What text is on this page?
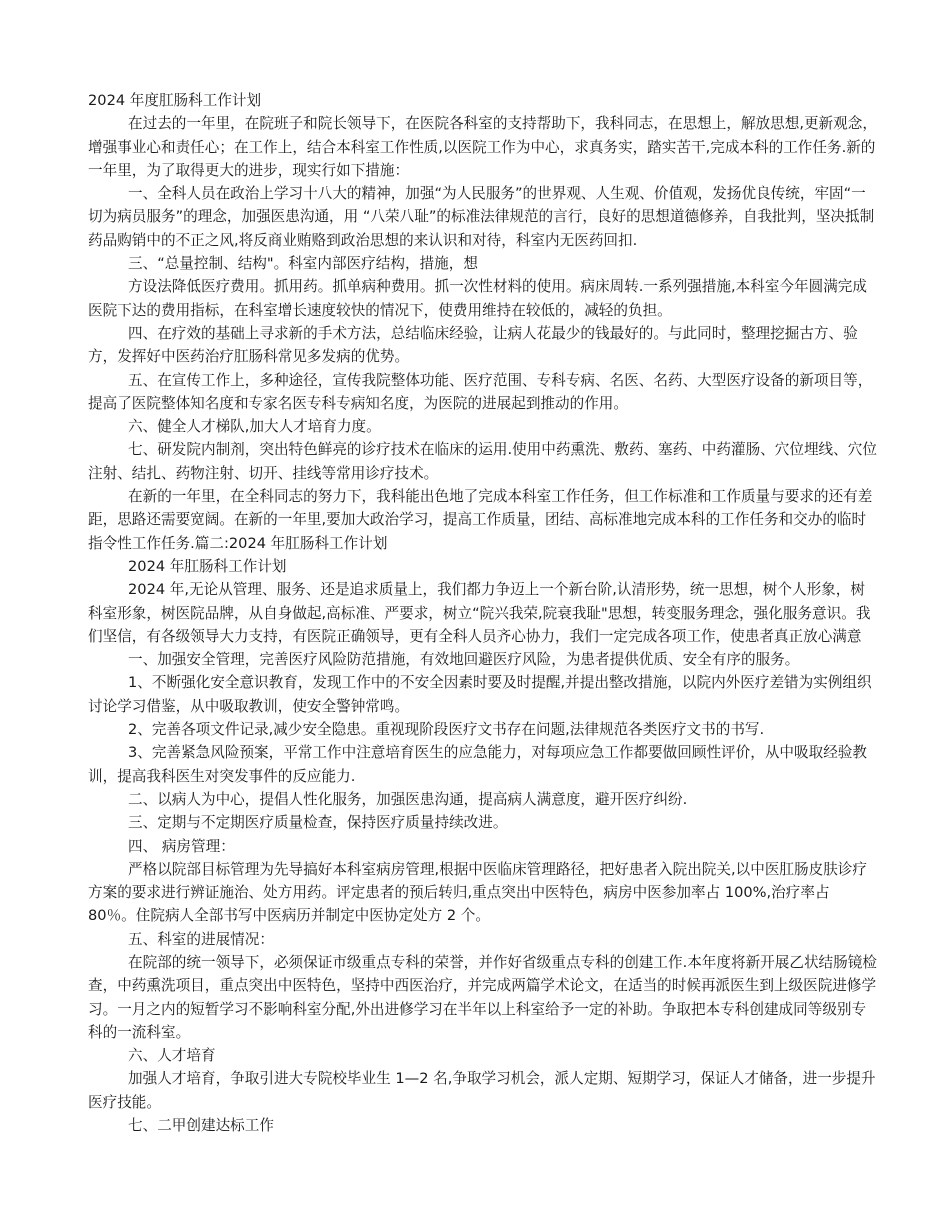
2024 年度肛肠科工作计划

在过去的一年里，在院班子和院长领导下，在医院各科室的支持帮助下，我科同志，在思想上，解放思想,更新观念，增强事业心和责任心；在工作上，结合本科室工作性质,以医院工作为中心，求真务实，踏实苦干,完成本科的工作任务.新的一年里，为了取得更大的进步，现实行如下措施：

一、全科人员在政治上学习十八大的精神，加强“为人民服务”的世界观、人生观、价值观，发扬优良传统，牢固“一切为病员服务”的理念，加强医患沟通，用 “八荣八耻”的标准法律规范的言行，良好的思想道德修养，自我批判，坚决抵制药品购销中的不正之风,将反商业贿赂到政治思想的来认识和对待，科室内无医药回扣.

三、“总量控制、结构"。科室内部医疗结构，措施，想

方设法降低医疗费用。抓用药。抓单病种费用。抓一次性材料的使用。病床周转.一系列强措施,本科室今年圆满完成医院下达的费用指标，在科室增长速度较快的情况下，使费用维持在较低的，减轻的负担。

四、在疗效的基础上寻求新的手术方法，总结临床经验，让病人花最少的钱最好的。与此同时，整理挖掘古方、验方，发挥好中医药治疗肛肠科常见多发病的优势。

五、在宣传工作上，多种途径，宣传我院整体功能、医疗范围、专科专病、名医、名药、大型医疗设备的新项目等，提高了医院整体知名度和专家名医专科专病知名度，为医院的进展起到推动的作用。

六、健全人才梯队,加大人才培育力度。

七、研发院内制剂，突出特色鲜亮的诊疗技术在临床的运用.使用中药熏洗、敷药、塞药、中药灌肠、穴位埋线、穴位注射、结扎、药物注射、切开、挂线等常用诊疗技术。

在新的一年里，在全科同志的努力下，我科能出色地了完成本科室工作任务，但工作标准和工作质量与要求的还有差距，思路还需要宽阔。在新的一年里,要加大政治学习，提高工作质量，团结、高标准地完成本科的工作任务和交办的临时指令性工作任务.篇二:2024 年肛肠科工作计划

2024 年肛肠科工作计划

2024 年,无论从管理、服务、还是追求质量上，我们都力争迈上一个新台阶,认清形势，统一思想，树个人形象，树科室形象，树医院品牌，从自身做起,高标准、严要求，树立“院兴我荣,院衰我耻"思想，转变服务理念，强化服务意识。我们坚信，有各级领导大力支持，有医院正确领导，更有全科人员齐心协力，我们一定完成各项工作，使患者真正放心满意

一、加强安全管理，完善医疗风险防范措施，有效地回避医疗风险，为患者提供优质、安全有序的服务。

1、不断强化安全意识教育，发现工作中的不安全因素时要及时提醒,并提出整改措施，以院内外医疗差错为实例组织讨论学习借鉴，从中吸取教训，使安全警钟常鸣。

2、完善各项文件记录,减少安全隐患。重视现阶段医疗文书存在问题,法律规范各类医疗文书的书写.

3、完善紧急风险预案，平常工作中注意培育医生的应急能力，对每项应急工作都要做回顾性评价，从中吸取经验教训，提高我科医生对突发事件的反应能力.

二、以病人为中心，提倡人性化服务，加强医患沟通，提高病人满意度，避开医疗纠纷.

三、定期与不定期医疗质量检查，保持医疗质量持续改进。

四、 病房管理：

严格以院部目标管理为先导搞好本科室病房管理,根据中医临床管理路径，把好患者入院出院关,以中医肛肠皮肤诊疗方案的要求进行辨证施治、处方用药。评定患者的预后转归,重点突出中医特色，病房中医参加率占 100%,治疗率占 80％。住院病人全部书写中医病历并制定中医协定处方 2 个。

五、科室的进展情况：

在院部的统一领导下，必须保证市级重点专科的荣誉，并作好省级重点专科的创建工作.本年度将新开展乙状结肠镜检查，中药熏洗项目，重点突出中医特色，坚持中西医治疗，并完成两篇学术论文，在适当的时候再派医生到上级医院进修学习。一月之内的短暂学习不影响科室分配,外出进修学习在半年以上科室给予一定的补助。争取把本专科创建成同等级别专科的一流科室。

六、人才培育

加强人才培育，争取引进大专院校毕业生 1—2 名,争取学习机会，派人定期、短期学习，保证人才储备，进一步提升医疗技能。

七、二甲创建达标工作
